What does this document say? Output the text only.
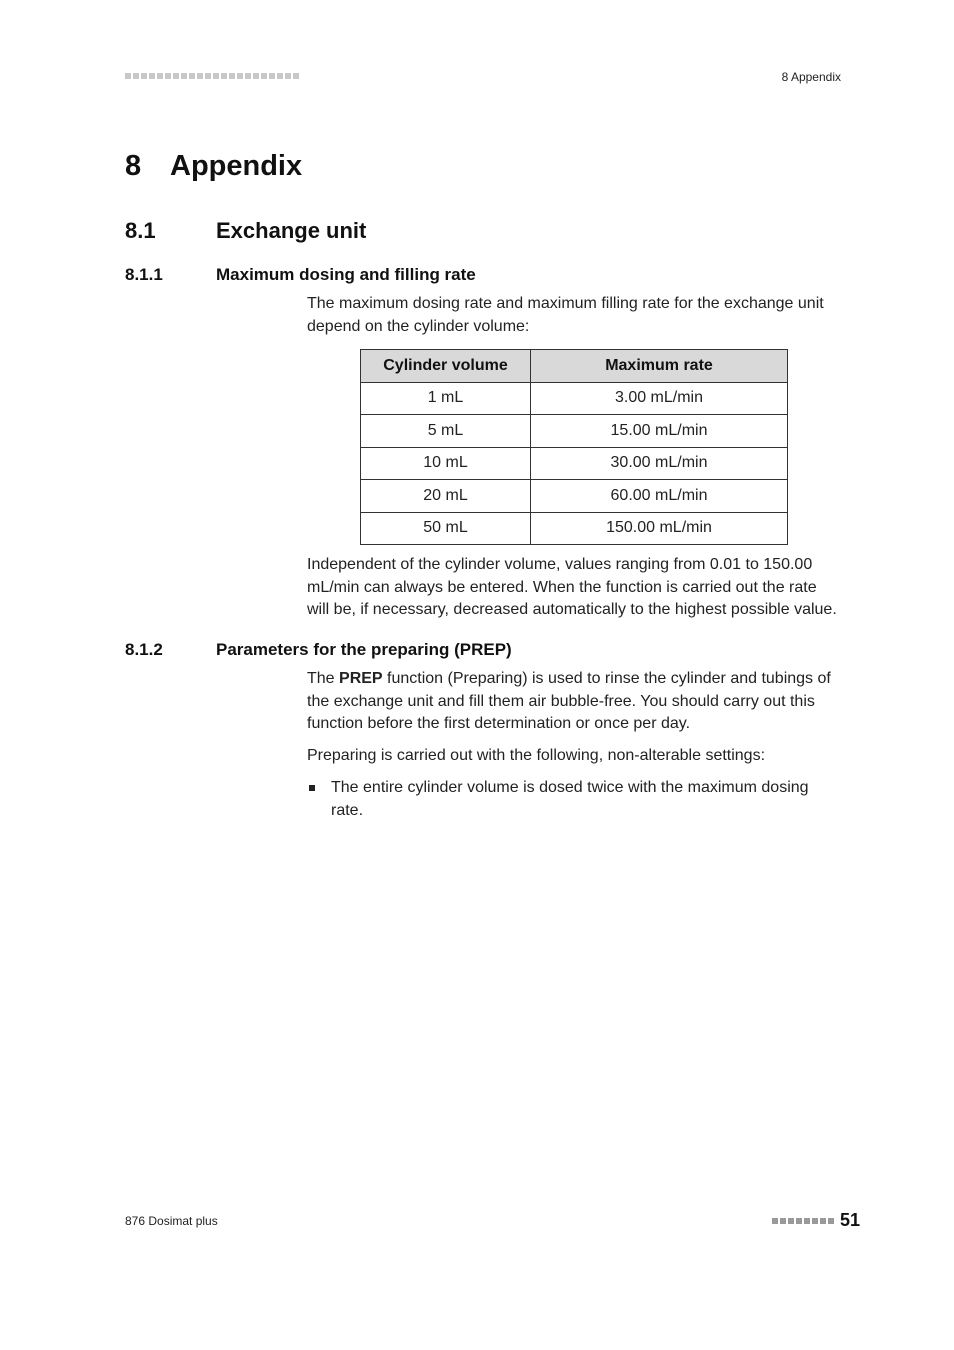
8 Appendix
8 Appendix
8.1	Exchange unit
8.1.1	Maximum dosing and filling rate
The maximum dosing rate and maximum filling rate for the exchange unit
depend on the cylinder volume:
Cylinder volume	Maximum rate
1 mL	3.00 mL/min
5 mL	15.00 mL/min
10 mL	30.00 mL/min
20 mL	60.00 mL/min
50 mL	150.00 mL/min
Independent of the cylinder volume, values ranging from 0.01 to 150.00
mL/min can always be entered. When the function is carried out the rate
will be, if necessary, decreased automatically to the highest possible value.
8.1.2	Parameters for the preparing (PREP)
The PREP function (Preparing) is used to rinse the cylinder and tubings of
the exchange unit and fill them air bubble-free. You should carry out this
function before the first determination or once per day.
Preparing is carried out with the following, non-alterable settings:
The entire cylinder volume is dosed twice with the maximum dosing
rate.
876 Dosimat plus	51
